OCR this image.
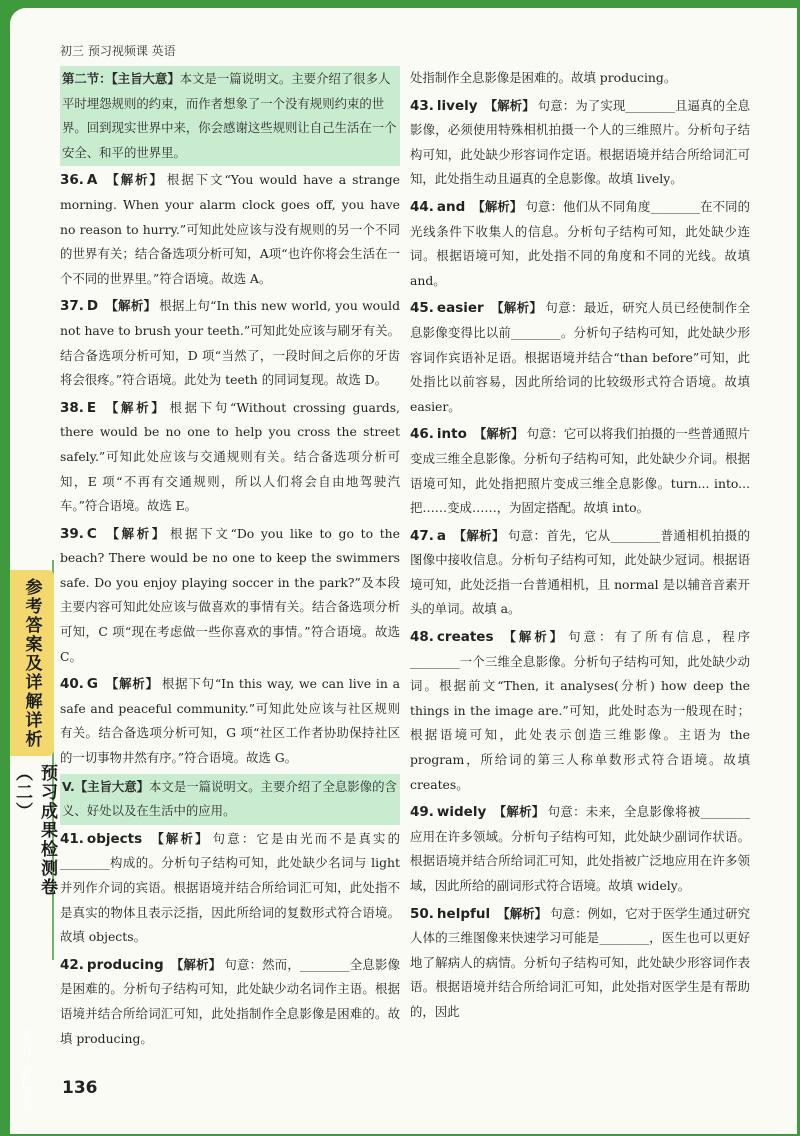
初三 预习视频课 英语
参考答案及详解详析
预习成果检测卷（二）
第二节：【主旨大意】本文是一篇说明文。主要介绍了很多人平时埋怨规则的约束，而作者想象了一个没有规则约束的世界。回到现实世界中来，你会感谢这些规则让自己生活在一个安全、和平的世界里。

36. A 【解析】 根据下文“You would have a strange morning. When your alarm clock goes off, you have no reason to hurry.”可知此处应该与没有规则的另一个不同的世界有关；结合备选项分析可知，A项“也许你将会生活在一个不同的世界里。”符合语境。故选 A。

37. D 【解析】 根据上句“In this new world, you would not have to brush your teeth.”可知此处应该与刷牙有关。结合备选项分析可知，D 项“当然了，一段时间之后你的牙齿将会很疼。”符合语境。此处为 teeth 的同词复现。故选 D。

38. E 【解析】 根据下句“Without crossing guards, there would be no one to help you cross the street safely.”可知此处应该与交通规则有关。结合备选项分析可知，E 项“不再有交通规则，所以人们将会自由地驾驶汽车。”符合语境。故选 E。

39. C 【解析】 根据下文“Do you like to go to the beach? There would be no one to keep the swimmers safe. Do you enjoy playing soccer in the park?”及本段主要内容可知此处应该与做喜欢的事情有关。结合备选项分析可知，C 项“现在考虑做一些你喜欢的事情。”符合语境。故选 C。

40. G 【解析】 根据下句“In this way, we can live in a safe and peaceful community.”可知此处应该与社区规则有关。结合备选项分析可知，G 项“社区工作者协助保持社区的一切事物井然有序。”符合语境。故选 G。

V.【主旨大意】本文是一篇说明文。主要介绍了全息影像的含义、好处以及在生活中的应用。

41. objects 【解析】 句意：它是由光而不是真实的________构成的。分析句子结构可知，此处缺少名词与 light 并列作介词的宾语。根据语境并结合所给词汇可知，此处指不是真实的物体且表示泛指，因此所给词的复数形式符合语境。故填 objects。

42. producing 【解析】 句意：然而，________全息影像是困难的。分析句子结构可知，此处缺少动名词作主语。根据语境并结合所给词汇可知，此处指制作全息影像是困难的。故填 producing。

处指制作全息影像是困难的。故填 producing。

43. lively 【解析】 句意：为了实现________且逼真的全息影像，必须使用特殊相机拍摄一个人的三维照片。分析句子结构可知，此处缺少形容词作定语。根据语境并结合所给词汇可知，此处指生动且逼真的全息影像。故填 lively。

44. and 【解析】 句意：他们从不同角度________在不同的光线条件下收集人的信息。分析句子结构可知，此处缺少连词。根据语境可知，此处指不同的角度和不同的光线。故填 and。

45. easier 【解析】 句意：最近，研究人员已经使制作全息影像变得比以前________。分析句子结构可知，此处缺少形容词作宾语补足语。根据语境并结合“than before”可知，此处指比以前容易，因此所给词的比较级形式符合语境。故填 easier。

46. into 【解析】 句意：它可以将我们拍摄的一些普通照片变成三维全息影像。分析句子结构可知，此处缺少介词。根据语境可知，此处指把照片变成三维全息影像。turn... into... 把……变成……，为固定搭配。故填 into。

47. a 【解析】 句意：首先，它从________普通相机拍摄的图像中接收信息。分析句子结构可知，此处缺少冠词。根据语境可知，此处泛指一台普通相机，且 normal 是以辅音音素开头的单词。故填 a。

48. creates 【解析】 句意：有了所有信息，程序________一个三维全息影像。分析句子结构可知，此处缺少动词。根据前文“Then, it analyses(分析) how deep the things in the image are.”可知，此处时态为一般现在时；根据语境可知，此处表示创造三维影像。主语为 the program，所给词的第三人称单数形式符合语境。故填 creates。

49. widely 【解析】 句意：未来，全息影像将被________应用在许多领域。分析句子结构可知，此处缺少副词作状语。根据语境并结合所给词汇可知，此处指被广泛地应用在许多领域，因此所给的副词形式符合语境。故填 widely。

50. helpful 【解析】 句意：例如，它对于医学生通过研究人体的三维图像来快速学习可能是________，医生也可以更好地了解病人的病情。分析句子结构可知，此处缺少形容词作表语。根据语境并结合所给词汇可知，此处指对医学生是有帮助的，因此

136
公众号：胜已学堂
